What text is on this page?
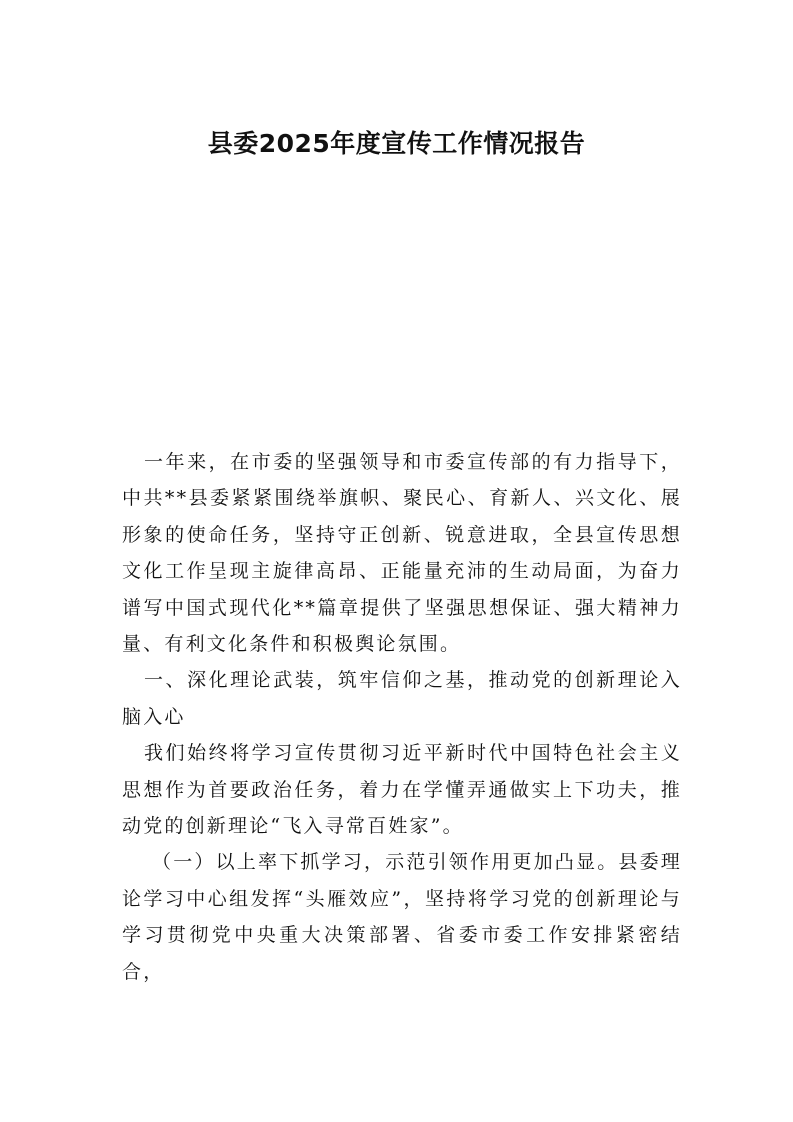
县委2025年度宣传工作情况报告

一年来，在市委的坚强领导和市委宣传部的有力指导下，中共**县委紧紧围绕举旗帜、聚民心、育新人、兴文化、展形象的使命任务，坚持守正创新、锐意进取，全县宣传思想文化工作呈现主旋律高昂、正能量充沛的生动局面，为奋力谱写中国式现代化**篇章提供了坚强思想保证、强大精神力量、有利文化条件和积极舆论氛围。

一、深化理论武装，筑牢信仰之基，推动党的创新理论入脑入心

我们始终将学习宣传贯彻习近平新时代中国特色社会主义思想作为首要政治任务，着力在学懂弄通做实上下功夫，推动党的创新理论“飞入寻常百姓家”。

（一）以上率下抓学习，示范引领作用更加凸显。县委理论学习中心组发挥“头雁效应”，坚持将学习党的创新理论与学习贯彻党中央重大决策部署、省委市委工作安排紧密结合，
